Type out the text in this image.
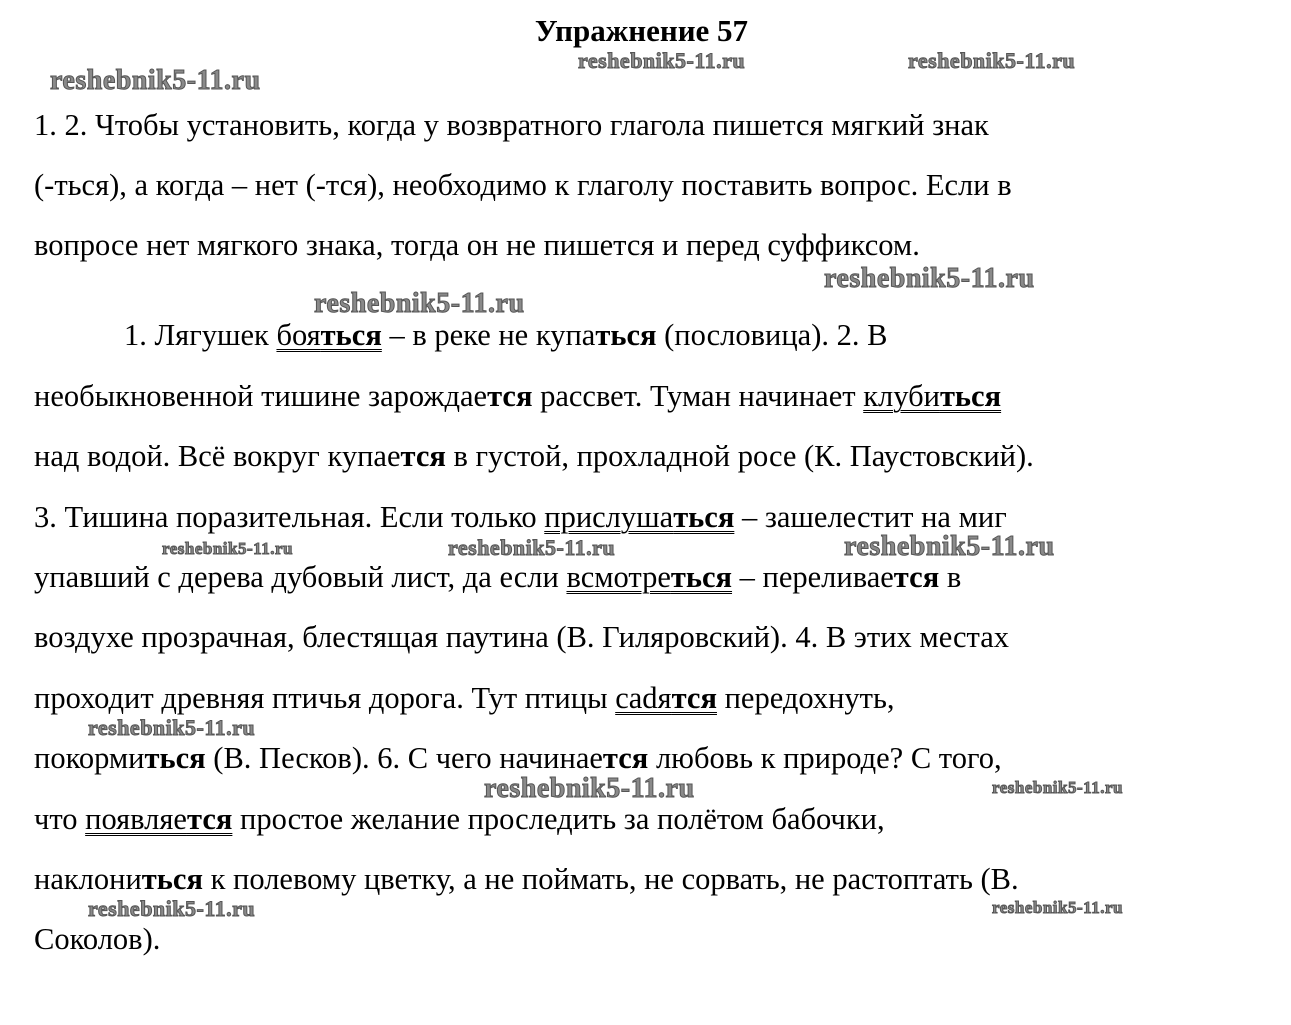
Упражнение 57
1. 2. Чтобы установить, когда у возвратного глагола пишется мягкий знак
(-ться), а когда – нет (-тся), необходимо к глаголу поставить вопрос. Если в
вопросе нет мягкого знака, тогда он не пишется и перед суффиксом.
1. Лягушек бояться – в реке не купаться (пословица). 2. В
необыкновенной тишине зарождается рассвет. Туман начинает клубиться
над водой. Всё вокруг купается в густой, прохладной росе (К. Паустовский).
3. Тишина поразительная. Если только прислушаться – зашелестит на миг
упавший с дерева дубовый лист, да если всмотреться – переливается в
воздухе прозрачная, блестящая паутина (В. Гиляровский). 4. В этих местах
проходит древняя птичья дорога. Тут птицы сadятся передохнуть,
покормиться (В. Песков). 6. С чего начинается любовь к природе? С того,
что появляется простое желание проследить за полётом бабочки,
наклониться к полевому цветку, а не поймать, не сорвать, не растоптать (В.
Соколов).
reshebnik5-11.ru
reshebnik5-11.ru	reshebnik5-11.ru
reshebnik5-11.ru
reshebnik5-11.ru
reshebnik5-11.ru	reshebnik5-11.ru	reshebnik5-11.ru
reshebnik5-11.ru
reshebnik5-11.ru	reshebnik5-11.ru
reshebnik5-11.ru	reshebnik5-11.ru
